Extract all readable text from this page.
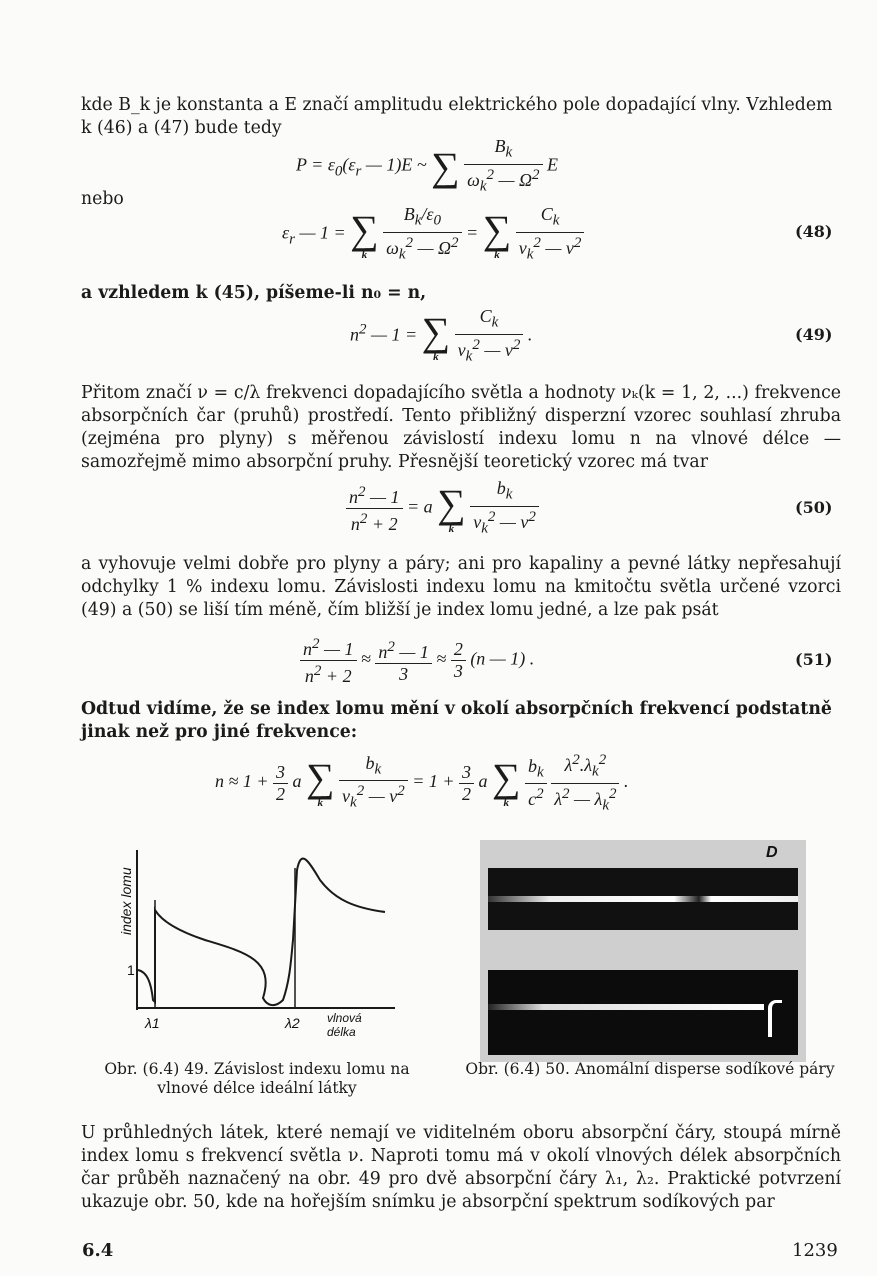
kde B_k je konstanta a E značí amplitudu elektrického pole dopadající vlny. Vzhledem k (46) a (47) bude tedy
$P = \varepsilon_0(\varepsilon_r$ — 1)E ~ ∑
$\frac{B_k}{\omega_k^2 — \Omega^2}$ E
nebo
$\varepsilon_r$ — 1 = ∑
k
$\frac{B_k/\varepsilon_0}{\omega_k^2 — \Omega^2}$ = ∑
k
$\frac{C_k}{\nu_k^2 — \nu^2}$	(48)
a vzhledem k (45), píšeme-li n₀ = n,
$n^2$ — 1 = ∑
k
$\frac{C_k}{\nu_k^2 — \nu^2}$ .	(49)
Přitom značí ν = c/λ frekvenci dopadajícího světla a hodnoty νₖ(k = 1, 2, ...) frekvence absorpčních čar (pruhů) prostředí. Tento přibližný disperzní vzorec souhlasí zhruba (zejména pro plyny) s měřenou závislostí indexu lomu n na vlnové délce — samozřejmě mimo absorpční pruhy. Přesnější teoretický vzorec má tvar
$\frac{n^2 — 1}{n^2 + 2} = a$ ∑
k
$\frac{b_k}{\nu_k^2 — \nu^2}$	(50)
a vyhovuje velmi dobře pro plyny a páry; ani pro kapaliny a pevné látky nepřesahují odchylky 1 % indexu lomu. Závislosti indexu lomu na kmitočtu světla určené vzorci (49) a (50) se liší tím méně, čím bližší je index lomu jedné, a lze pak psát
$\frac{n^2 — 1}{n^2 + 2} \approx \frac{n^2 — 1}{3} \approx \frac{2}{3} (n$ — 1) .	(51)
Odtud vidíme, že se index lomu mění v okolí absorpčních frekvencí podstatně jinak než pro jiné frekvence:
$n \approx 1 + \frac{3}{2}$ a ∑
k
$\frac{b_k}{\nu_k^2 — \nu^2} = 1 + \frac{3}{2}$ a ∑
k
$\frac{b_k}{c^2}$
$\frac{\lambda^2.\lambda_k^2}{\lambda^2 — \lambda_k^2}$ .
index lomu
1
λ1	λ2 vlnová
délka
Obr. (6.4) 49. Závislost indexu lomu na vlnové délce ideální látky
D
Obr. (6.4) 50. Anomální disperse sodíkové páry
U průhledných látek, které nemají ve viditelném oboru absorpční čáry, stoupá mírně index lomu s frekvencí světla ν. Naproti tomu má v okolí vlnových délek absorpčních čar průběh naznačený na obr. 49 pro dvě absorpční čáry λ₁, λ₂. Praktické potvrzení ukazuje obr. 50, kde na hořejším snímku je absorpční spektrum sodíkových par
6.4	1239
